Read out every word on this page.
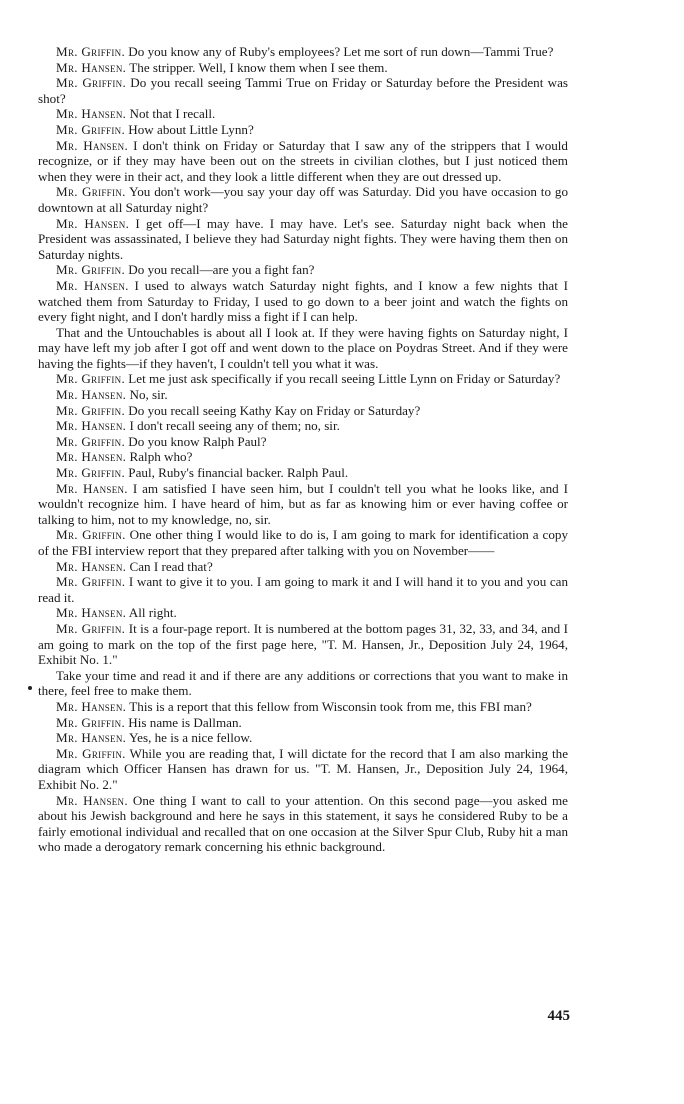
Mr. Griffin. Do you know any of Ruby's employees? Let me sort of run down—Tammi True?

Mr. Hansen. The stripper. Well, I know them when I see them.

Mr. Griffin. Do you recall seeing Tammi True on Friday or Saturday before the President was shot?

Mr. Hansen. Not that I recall.

Mr. Griffin. How about Little Lynn?

Mr. Hansen. I don't think on Friday or Saturday that I saw any of the strippers that I would recognize, or if they may have been out on the streets in civilian clothes, but I just noticed them when they were in their act, and they look a little different when they are out dressed up.

Mr. Griffin. You don't work—you say your day off was Saturday. Did you have occasion to go downtown at all Saturday night?

Mr. Hansen. I get off—I may have. I may have. Let's see. Saturday night back when the President was assassinated, I believe they had Saturday night fights. They were having them then on Saturday nights.

Mr. Griffin. Do you recall—are you a fight fan?

Mr. Hansen. I used to always watch Saturday night fights, and I know a few nights that I watched them from Saturday to Friday, I used to go down to a beer joint and watch the fights on every fight night, and I don't hardly miss a fight if I can help.

That and the Untouchables is about all I look at. If they were having fights on Saturday night, I may have left my job after I got off and went down to the place on Poydras Street. And if they were having the fights—if they haven't, I couldn't tell you what it was.

Mr. Griffin. Let me just ask specifically if you recall seeing Little Lynn on Friday or Saturday?

Mr. Hansen. No, sir.

Mr. Griffin. Do you recall seeing Kathy Kay on Friday or Saturday?

Mr. Hansen. I don't recall seeing any of them; no, sir.

Mr. Griffin. Do you know Ralph Paul?

Mr. Hansen. Ralph who?

Mr. Griffin. Paul, Ruby's financial backer. Ralph Paul.

Mr. Hansen. I am satisfied I have seen him, but I couldn't tell you what he looks like, and I wouldn't recognize him. I have heard of him, but as far as knowing him or ever having coffee or talking to him, not to my knowledge, no, sir.

Mr. Griffin. One other thing I would like to do is, I am going to mark for identification a copy of the FBI interview report that they prepared after talking with you on November——

Mr. Hansen. Can I read that?

Mr. Griffin. I want to give it to you. I am going to mark it and I will hand it to you and you can read it.

Mr. Hansen. All right.

Mr. Griffin. It is a four-page report. It is numbered at the bottom pages 31, 32, 33, and 34, and I am going to mark on the top of the first page here, "T. M. Hansen, Jr., Deposition July 24, 1964, Exhibit No. 1."

Take your time and read it and if there are any additions or corrections that you want to make in there, feel free to make them.

Mr. Hansen. This is a report that this fellow from Wisconsin took from me, this FBI man?

Mr. Griffin. His name is Dallman.

Mr. Hansen. Yes, he is a nice fellow.

Mr. Griffin. While you are reading that, I will dictate for the record that I am also marking the diagram which Officer Hansen has drawn for us. "T. M. Hansen, Jr., Deposition July 24, 1964, Exhibit No. 2."

Mr. Hansen. One thing I want to call to your attention. On this second page—you asked me about his Jewish background and here he says in this statement, it says he considered Ruby to be a fairly emotional individual and recalled that on one occasion at the Silver Spur Club, Ruby hit a man who made a derogatory remark concerning his ethnic background.

445
